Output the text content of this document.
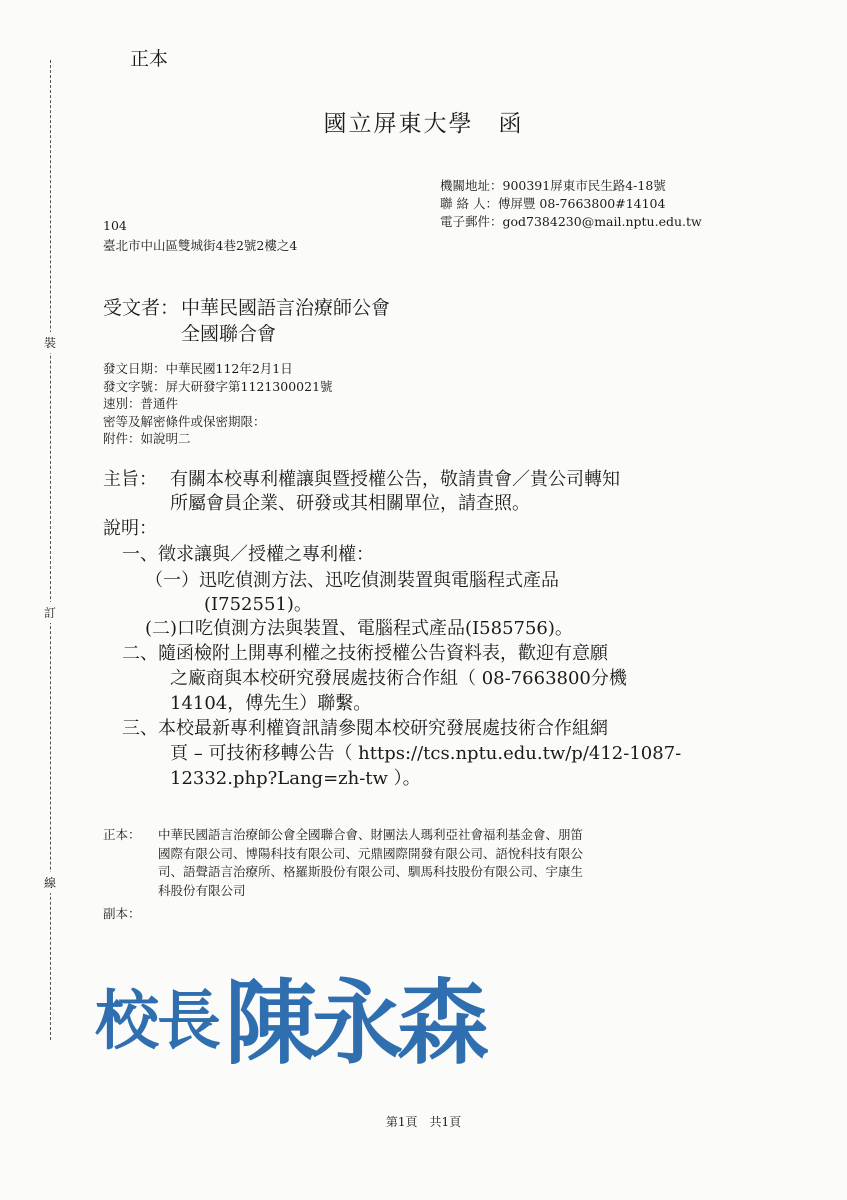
正本
國立屏東大學　函
裝
訂
線
機關地址：900391屏東市民生路4-18號
聯 絡 人：傅屏豐 08-7663800#14104
電子郵件：god7384230@mail.nptu.edu.tw
104
臺北市中山區雙城街4巷2號2樓之4
受文者： 中華民國語言治療師公會
全國聯合會
發文日期：中華民國112年2月1日
發文字號：屏大研發字第1121300021號
速別：普通件
密等及解密條件或保密期限：
附件：如說明二
主旨： 有關本校專利權讓與暨授權公告，敬請貴會／貴公司轉知
所屬會員企業、研發或其相關單位，請查照。
說明：
一、徵求讓與／授權之專利權：
（一）迅吃偵測方法、迅吃偵測裝置與電腦程式產品
(I752551)。
(二)口吃偵測方法與裝置、電腦程式產品(I585756)。
二、隨函檢附上開專利權之技術授權公告資料表，歡迎有意願
之廠商與本校研究發展處技術合作組（ 08-7663800分機
14104，傅先生）聯繫。
三、本校最新專利權資訊請參閱本校研究發展處技術合作組網
頁 – 可技術移轉公告（ https://tcs.nptu.edu.tw/p/412-1087-
12332.php?Lang=zh-tw ）。
正本： 中華民國語言治療師公會全國聯合會、財團法人瑪利亞社會福利基金會、朋笛
國際有限公司、博陽科技有限公司、元鼎國際開發有限公司、語悅科技有限公
司、語聲語言治療所、格羅斯股份有限公司、馴馬科技股份有限公司、宇康生
科股份有限公司
副本：
校長 陳永森
第1頁　共1頁
